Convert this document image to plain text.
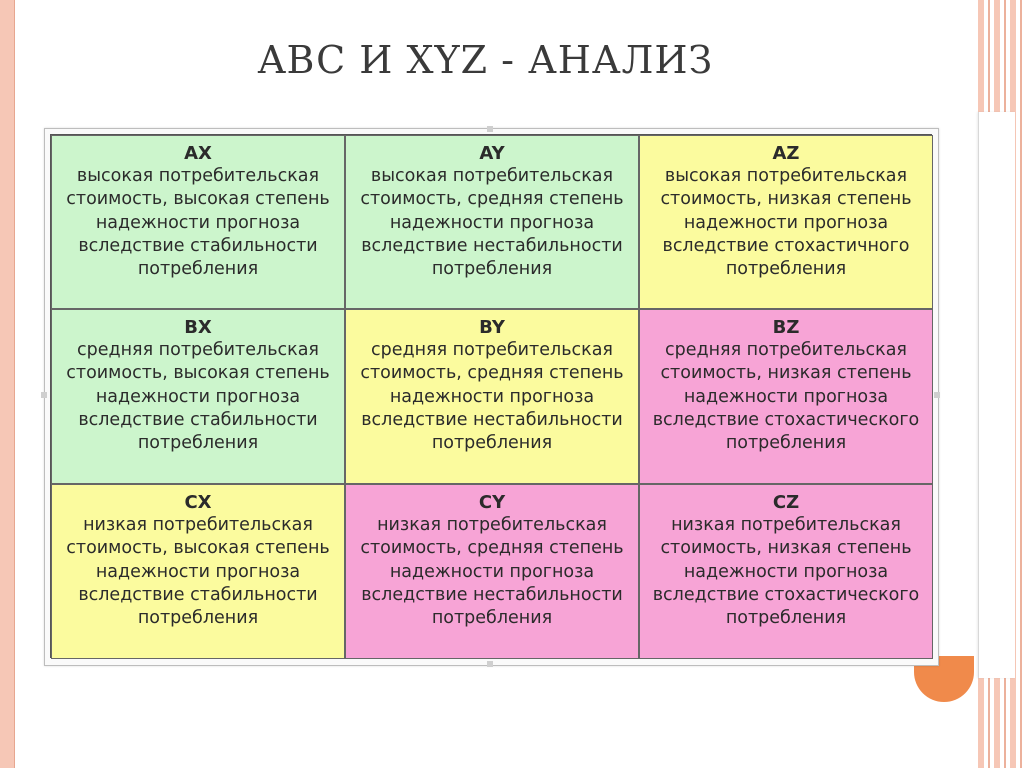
ABC И XYZ - АНАЛИЗ
AX
высокая потребительская стоимость, высокая степень надежности прогноза вследствие стабильности потребления
AY
высокая потребительская стоимость, средняя степень надежности прогноза вследствие нестабильности потребления
AZ
высокая потребительская стоимость, низкая степень надежности прогноза вследствие стохастичного потребления
BX
средняя потребительская стоимость, высокая степень надежности прогноза вследствие стабильности потребления
BY
средняя потребительская стоимость, средняя степень надежности прогноза вследствие нестабильности потребления
BZ
средняя потребительская стоимость, низкая степень надежности прогноза вследствие стохастического потребления
CX
низкая потребительская стоимость, высокая степень надежности прогноза вследствие стабильности потребления
CY
низкая потребительская стоимость, средняя степень надежности прогноза вследствие нестабильности потребления
CZ
низкая потребительская стоимость, низкая степень надежности прогноза вследствие стохастического потребления
